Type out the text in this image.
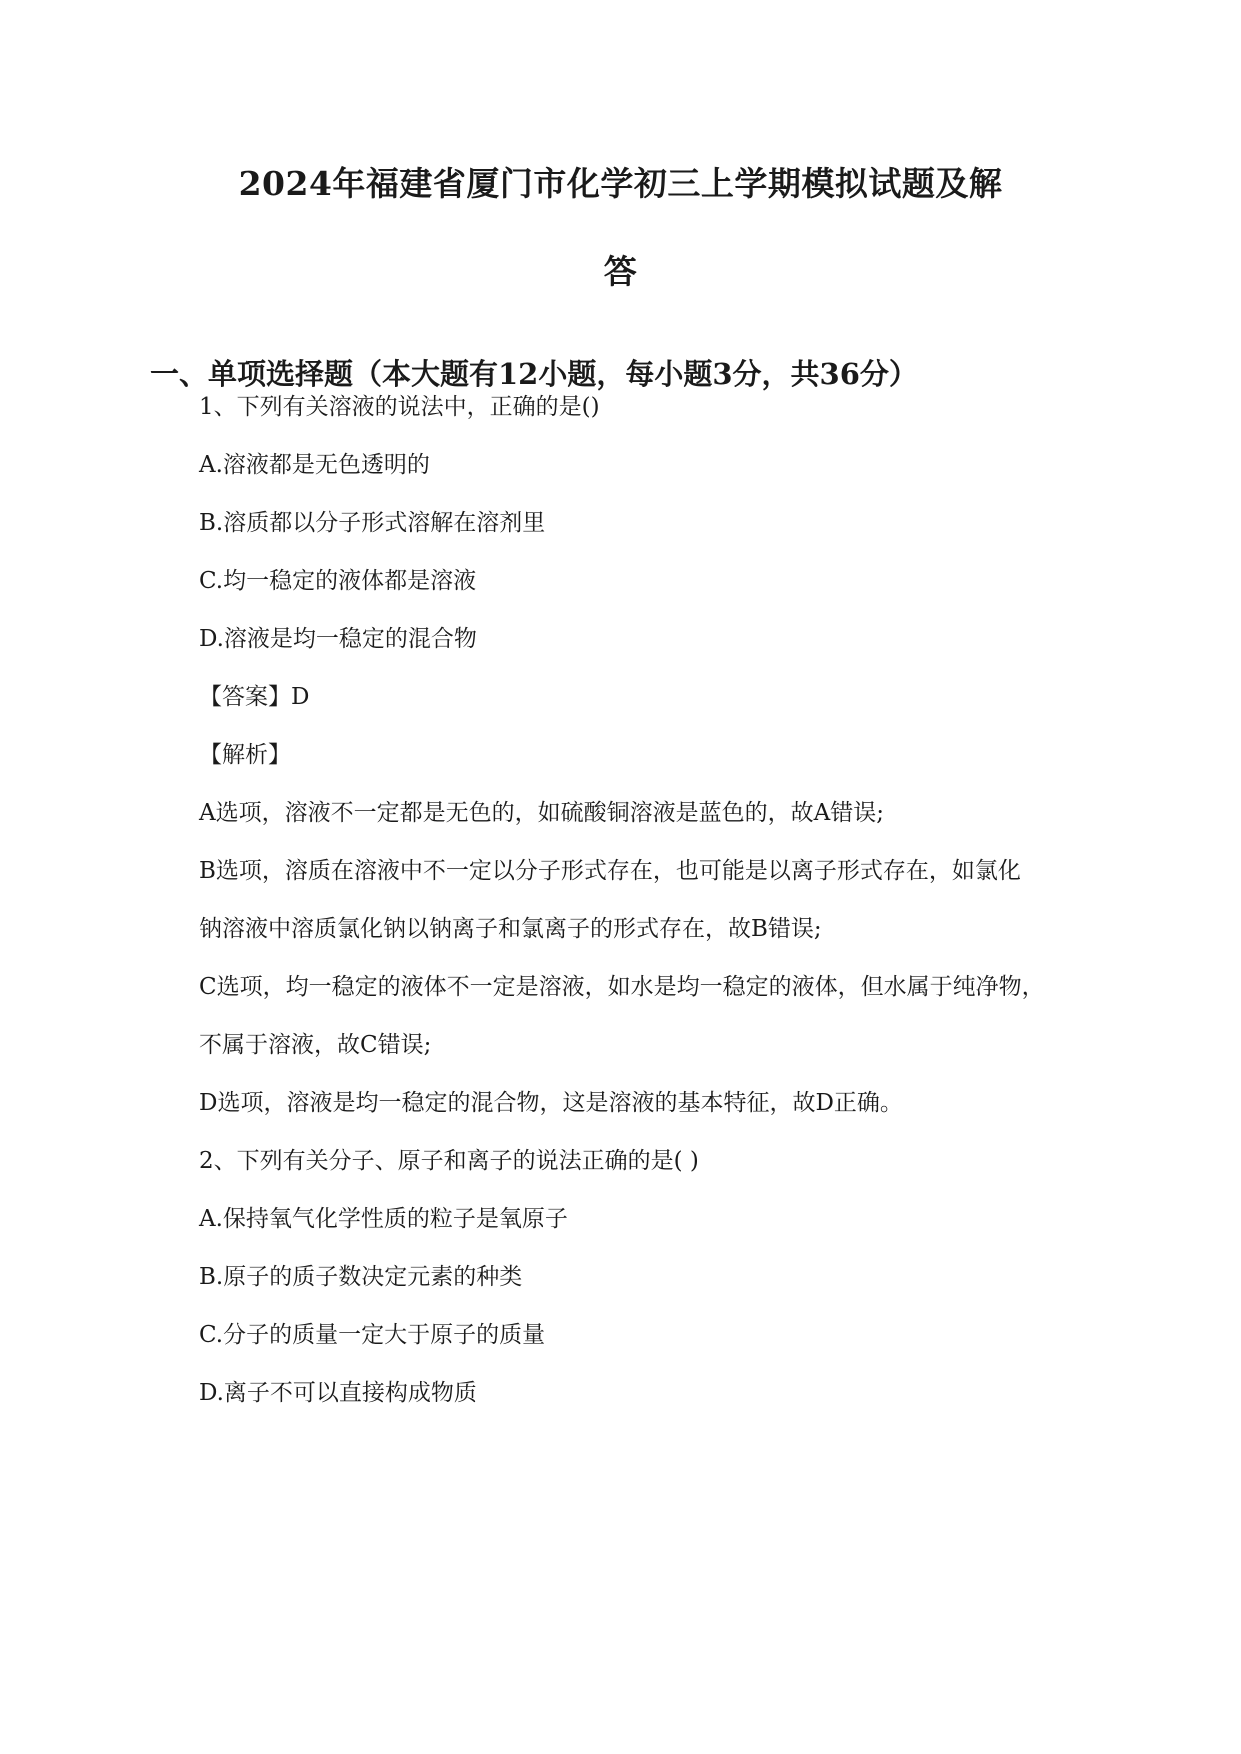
2024年福建省厦门市化学初三上学期模拟试题及解
答
一、单项选择题（本大题有12小题，每小题3分，共36分）
1、下列有关溶液的说法中，正确的是()
A.溶液都是无色透明的
B.溶质都以分子形式溶解在溶剂里
C.均一稳定的液体都是溶液
D.溶液是均一稳定的混合物
【答案】D
【解析】
A选项，溶液不一定都是无色的，如硫酸铜溶液是蓝色的，故A错误;
B选项，溶质在溶液中不一定以分子形式存在，也可能是以离子形式存在，如氯化
钠溶液中溶质氯化钠以钠离子和氯离子的形式存在，故B错误;
C选项，均一稳定的液体不一定是溶液，如水是均一稳定的液体，但水属于纯净物，
不属于溶液，故C错误;
D选项，溶液是均一稳定的混合物，这是溶液的基本特征，故D正确。
2、下列有关分子、原子和离子的说法正确的是( )
A.保持氧气化学性质的粒子是氧原子
B.原子的质子数决定元素的种类
C.分子的质量一定大于原子的质量
D.离子不可以直接构成物质
